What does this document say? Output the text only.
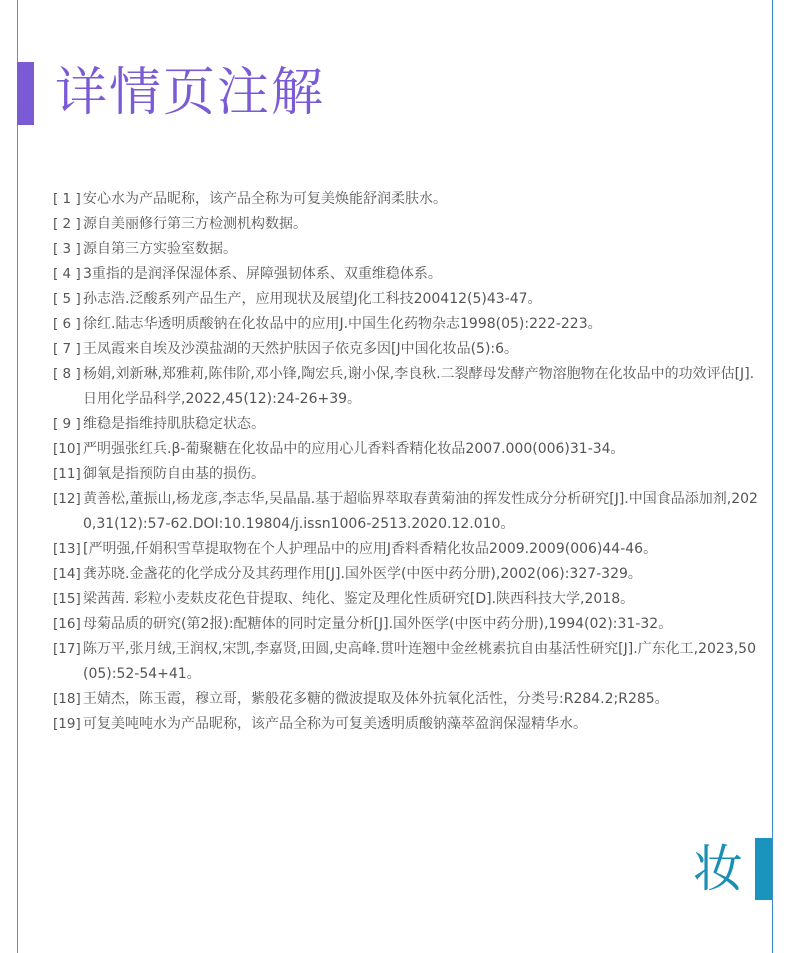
详情页注解
[ 1 ] 安心水为产品昵称，该产品全称为可复美焕能舒润柔肤水。
[ 2 ] 源自美丽修行第三方检测机构数据。
[ 3 ] 源自第三方实验室数据。
[ 4 ] 3重指的是润泽保湿体系、屏障强韧体系、双重维稳体系。
[ 5 ] 孙志浩.泛酸系列产品生产，应用现状及展望J化工科技200412(5)43-47。
[ 6 ] 徐红.陆志华透明质酸钠在化妆品中的应用J.中国生化药物杂志1998(05):222-223。
[ 7 ] 王凤霞来自埃及沙漠盐湖的天然护肤因子依克多因[J中国化妆品(5):6。
[ 8 ] 杨娟,刘新琳,郑雅莉,陈伟阶,邓小锋,陶宏兵,谢小保,李良秋.二裂酵母发酵产物溶胞物在化妆品中的功效评估[J].日用化学品科学,2022,45(12):24-26+39。
[ 9 ] 维稳是指维持肌肤稳定状态。
[10] 严明强张红兵.β-葡聚糖在化妆品中的应用心儿香料香精化妆品2007.000(006)31-34。
[11] 御氧是指预防自由基的损伤。
[12] 黄善松,董振山,杨龙彦,李志华,吴晶晶.基于超临界萃取春黄菊油的挥发性成分分析研究[J].中国食品添加剂,2020,31(12):57-62.DOI:10.19804/j.issn1006-2513.2020.12.010。
[13] [严明强,仟娟积雪草提取物在个人护理品中的应用J香料香精化妆品2009.2009(006)44-46。
[14] 龚苏晓.金盏花的化学成分及其药理作用[J].国外医学(中医中药分册),2002(06):327-329。
[15] 梁茜茜. 彩粒小麦麸皮花色苷提取、纯化、鉴定及理化性质研究[D].陕西科技大学,2018。
[16] 母菊品质的研究(第2报):配糖体的同时定量分析[J].国外医学(中医中药分册),1994(02):31-32。
[17] 陈万平,张月绒,王润权,宋凯,李嘉贤,田圆,史高峰.贯叶连翘中金丝桃素抗自由基活性研究[J].广东化工,2023,50(05):52-54+41。
[18] 王婧杰，陈玉霞，穆立哥，紫般花多糖的微波提取及体外抗氧化活性，分类号:R284.2;R285。
[19] 可复美吨吨水为产品昵称，该产品全称为可复美透明质酸钠藻萃盈润保湿精华水。
妆
